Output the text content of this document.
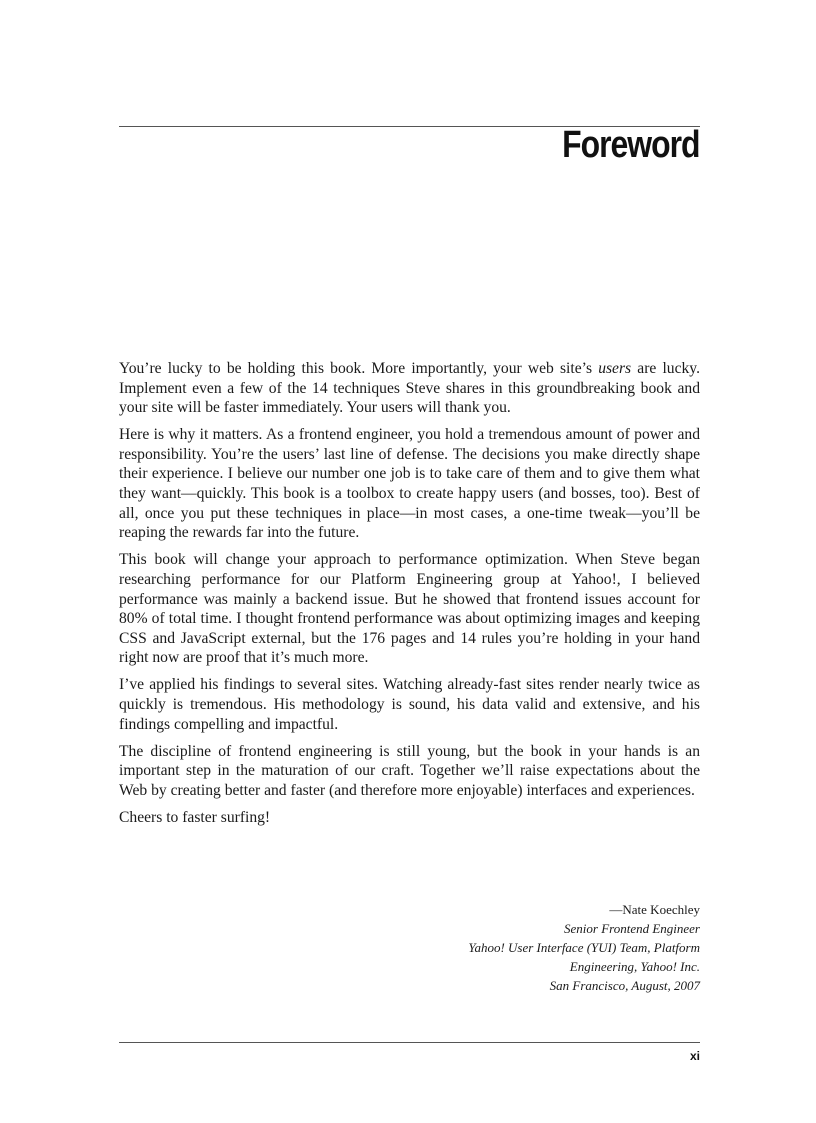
Foreword

You’re lucky to be holding this book. More importantly, your web site’s users are lucky. Implement even a few of the 14 techniques Steve shares in this groundbreaking book and your site will be faster immediately. Your users will thank you.

Here is why it matters. As a frontend engineer, you hold a tremendous amount of power and responsibility. You’re the users’ last line of defense. The decisions you make directly shape their experience. I believe our number one job is to take care of them and to give them what they want—quickly. This book is a toolbox to create happy users (and bosses, too). Best of all, once you put these techniques in place—in most cases, a one-time tweak—you’ll be reaping the rewards far into the future.

This book will change your approach to performance optimization. When Steve began researching performance for our Platform Engineering group at Yahoo!, I believed performance was mainly a backend issue. But he showed that frontend issues account for 80% of total time. I thought frontend performance was about optimizing images and keeping CSS and JavaScript external, but the 176 pages and 14 rules you’re holding in your hand right now are proof that it’s much more.

I’ve applied his findings to several sites. Watching already-fast sites render nearly twice as quickly is tremendous. His methodology is sound, his data valid and extensive, and his findings compelling and impactful.

The discipline of frontend engineering is still young, but the book in your hands is an important step in the maturation of our craft. Together we’ll raise expectations about the Web by creating better and faster (and therefore more enjoyable) interfaces and experiences.

Cheers to faster surfing!

—Nate Koechley
Senior Frontend Engineer
Yahoo! User Interface (YUI) Team, Platform
Engineering, Yahoo! Inc.
San Francisco, August, 2007
xi
